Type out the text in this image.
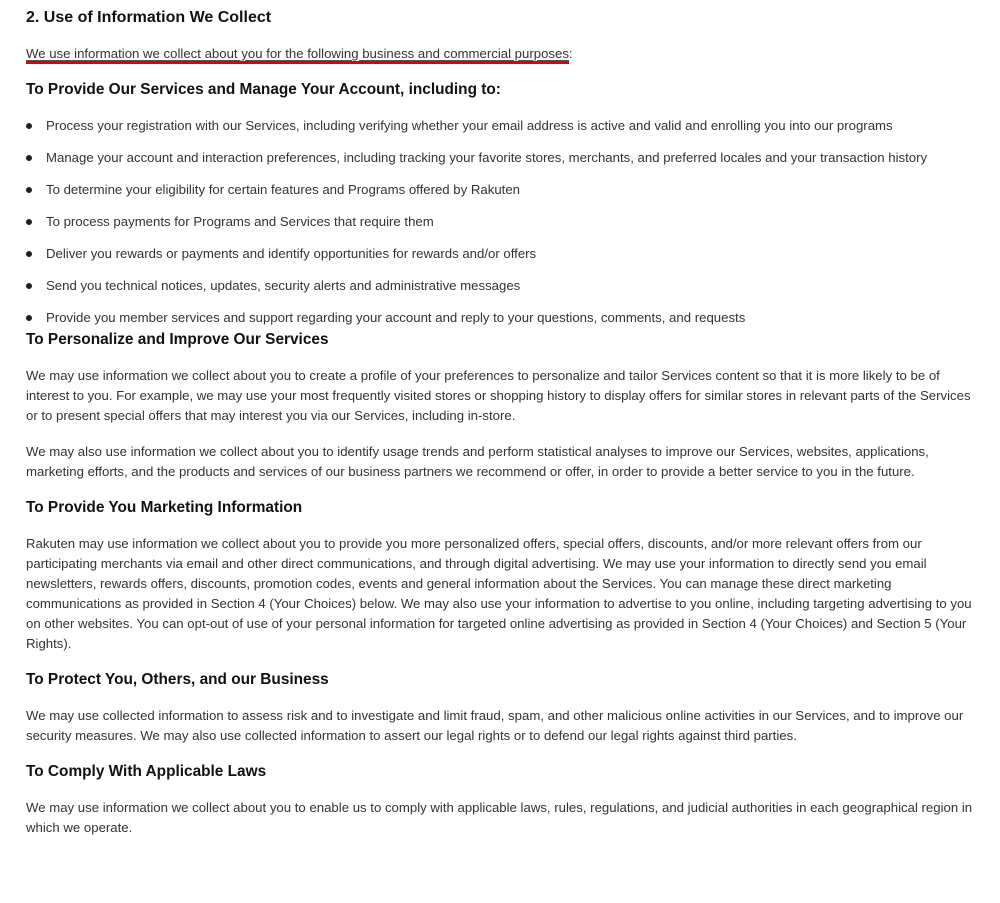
2. Use of Information We Collect

We use information we collect about you for the following business and commercial purposes:

To Provide Our Services and Manage Your Account, including to:
Process your registration with our Services, including verifying whether your email address is active and valid and enrolling you into our programs
Manage your account and interaction preferences, including tracking your favorite stores, merchants, and preferred locales and your transaction history
To determine your eligibility for certain features and Programs offered by Rakuten
To process payments for Programs and Services that require them
Deliver you rewards or payments and identify opportunities for rewards and/or offers
Send you technical notices, updates, security alerts and administrative messages
Provide you member services and support regarding your account and reply to your questions, comments, and requests
To Personalize and Improve Our Services

We may use information we collect about you to create a profile of your preferences to personalize and tailor Services content so that it is more likely to be of interest to you. For example, we may use your most frequently visited stores or shopping history to display offers for similar stores in relevant parts of the Services or to present special offers that may interest you via our Services, including in-store.

We may also use information we collect about you to identify usage trends and perform statistical analyses to improve our Services, websites, applications, marketing efforts, and the products and services of our business partners we recommend or offer, in order to provide a better service to you in the future.

To Provide You Marketing Information

Rakuten may use information we collect about you to provide you more personalized offers, special offers, discounts, and/or more relevant offers from our participating merchants via email and other direct communications, and through digital advertising. We may use your information to directly send you email newsletters, rewards offers, discounts, promotion codes, events and general information about the Services. You can manage these direct marketing communications as provided in Section 4 (Your Choices) below. We may also use your information to advertise to you online, including targeting advertising to you on other websites. You can opt-out of use of your personal information for targeted online advertising as provided in Section 4 (Your Choices) and Section 5 (Your Rights).

To Protect You, Others, and our Business

We may use collected information to assess risk and to investigate and limit fraud, spam, and other malicious online activities in our Services, and to improve our security measures. We may also use collected information to assert our legal rights or to defend our legal rights against third parties.

To Comply With Applicable Laws

We may use information we collect about you to enable us to comply with applicable laws, rules, regulations, and judicial authorities in each geographical region in which we operate.
